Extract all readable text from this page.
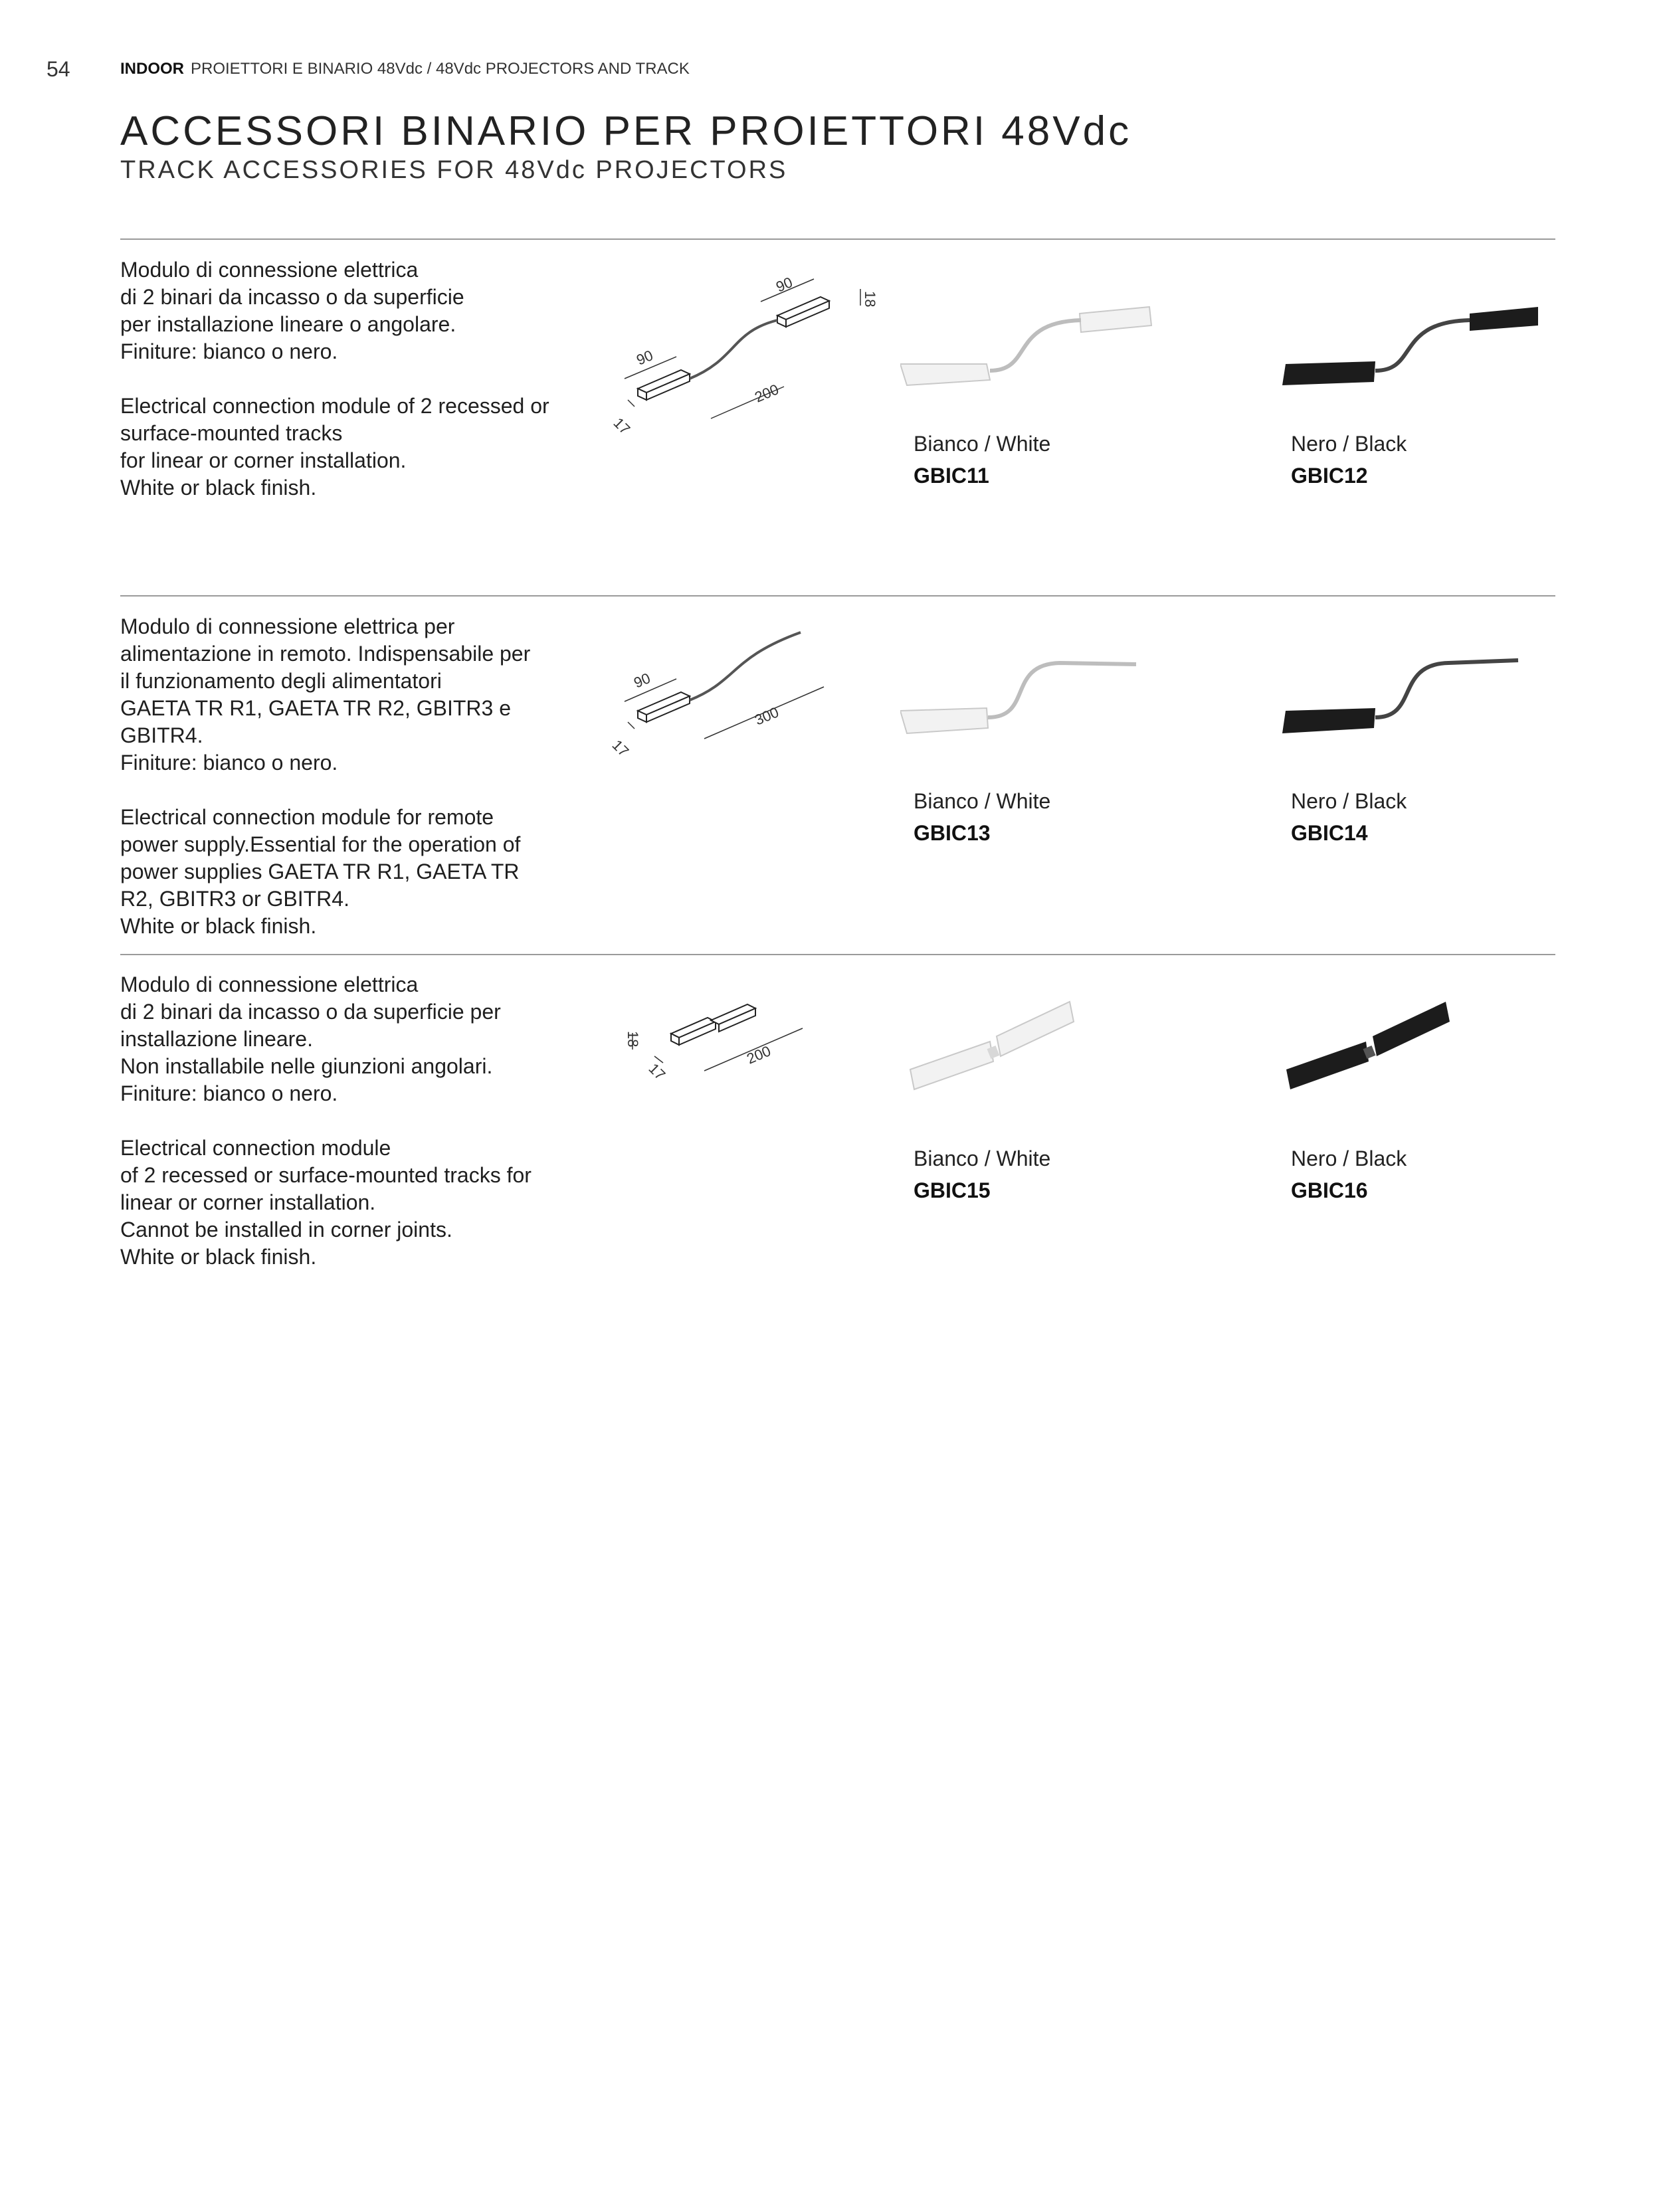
54	INDOOR PROIETTORI E BINARIO 48Vdc / 48Vdc PROJECTORS AND TRACK
ACCESSORI BINARIO PER PROIETTORI 48Vdc
TRACK ACCESSORIES FOR 48Vdc PROJECTORS

Modulo di connessione elettrica
di 2 binari da incasso o da superficie
per installazione lineare o angolare.
Finiture: bianco o nero.

Electrical connection module of 2 recessed or
surface-mounted tracks
for linear or corner installation.
White or black finish.

90
90
18
17
200
Bianco / White
GBIC11
Nero / Black
GBIC12

Modulo di connessione elettrica per
alimentazione in remoto. Indispensabile per
il funzionamento degli alimentatori
GAETA TR R1, GAETA TR R2, GBITR3 e
GBITR4.
Finiture: bianco o nero.

Electrical connection module for remote
power supply.Essential for the operation of
power supplies GAETA TR R1, GAETA TR
R2, GBITR3 or GBITR4.
White or black finish.

90
17
300
Bianco / White
GBIC13
Nero / Black
GBIC14

Modulo di connessione elettrica
di 2 binari da incasso o da superficie per
installazione lineare.
Non installabile nelle giunzioni angolari.
Finiture: bianco o nero.

Electrical connection module
of 2 recessed or surface-mounted tracks for
linear or corner installation.
Cannot be installed in corner joints.
White or black finish.

18
17
200
Bianco / White
GBIC15
Nero / Black
GBIC16
